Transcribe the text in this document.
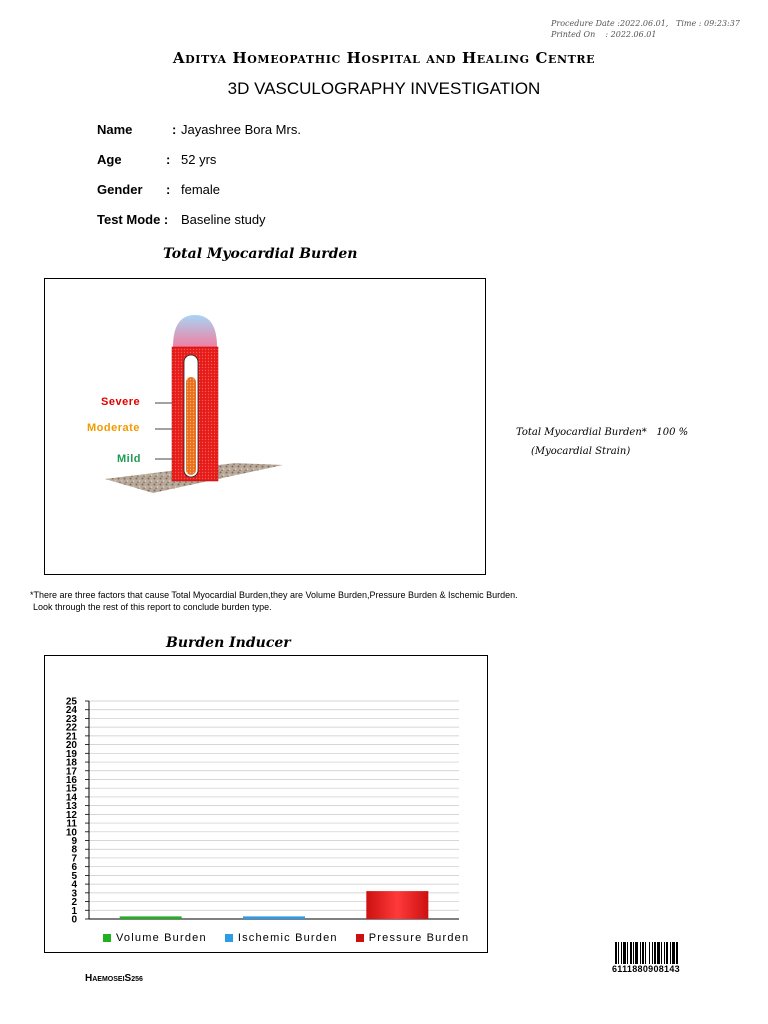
Procedure Date :2022.06.01, Time : 09:23:37
Printed On    : 2022.06.01
Aditya Homeopathic Hospital and Healing Centre
3D VASCULOGRAPHY INVESTIGATION
Name	: Jayashree Bora Mrs.
Age	: 52 yrs
Gender : female
Test Mode : Baseline study
Total Myocardial Burden
Severe
Moderate
Mild
Total Myocardial Burden* 100 %
(Myocardial Strain)
*There are three factors that cause Total Myocardial Burden,they are Volume Burden,Pressure Burden & Ischemic Burden.
Look through the rest of this report to conclude burden type.
Burden Inducer
0
1
2
3
4
5
6
7
8
9
10
11
12
13
14
15
16
17
18
19
20
21
22
23
24
25
Volume Burden	Ischemic Burden	Pressure Burden
6111880908143
HAEMOSEIS256
